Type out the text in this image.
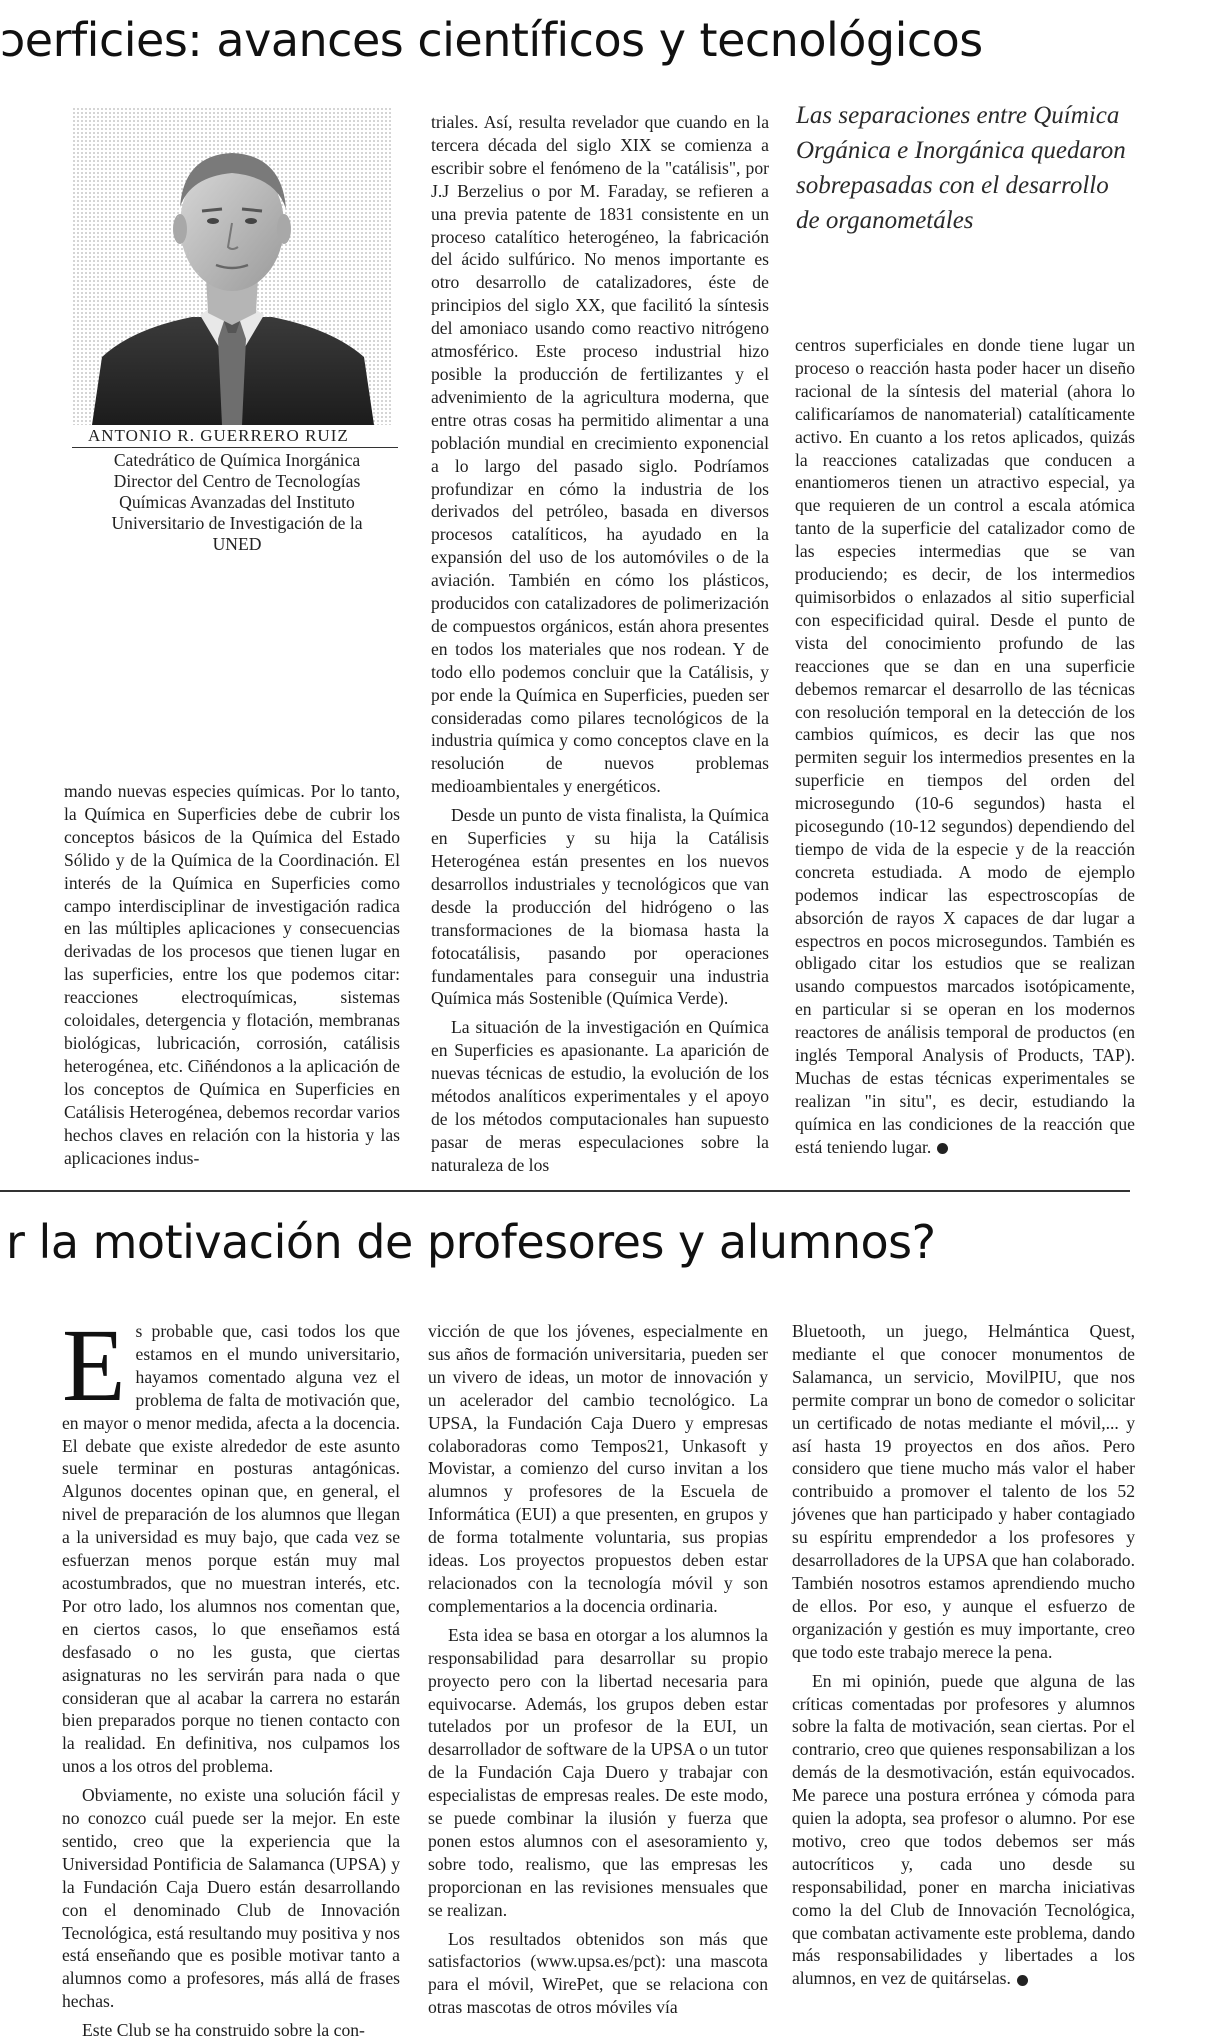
ɔerficies: avances científicos y tecnológicos
ANTONIO R. GUERRERO RUIZ
Catedrático de Química Inorgánica
Director del Centro de Tecnologías
Químicas Avanzadas del Instituto
Universitario de Investigación de la
UNED

mando nuevas especies químicas. Por lo tanto, la Química en Superficies debe de cubrir los conceptos básicos de la Química del Estado Sólido y de la Química de la Coordinación. El interés de la Química en Superficies como campo interdisciplinar de investigación radica en las múltiples aplicaciones y consecuencias derivadas de los procesos que tienen lugar en las superficies, entre los que podemos citar: reacciones electroquímicas, sistemas coloidales, detergencia y flotación, membranas biológicas, lubricación, corrosión, catálisis heterogénea, etc. Ciñéndonos a la aplicación de los conceptos de Química en Superficies en Catálisis Heterogénea, debemos recordar varios hechos claves en relación con la historia y las aplicaciones indus-

triales. Así, resulta revelador que cuando en la tercera década del siglo XIX se comienza a escribir sobre el fenómeno de la "catálisis", por J.J Berzelius o por M. Faraday, se refieren a una previa patente de 1831 consistente en un proceso catalítico heterogéneo, la fabricación del ácido sulfúrico. No menos importante es otro desarrollo de catalizadores, éste de principios del siglo XX, que facilitó la síntesis del amoniaco usando como reactivo nitrógeno atmosférico. Este proceso industrial hizo posible la producción de fertilizantes y el advenimiento de la agricultura moderna, que entre otras cosas ha permitido alimentar a una población mundial en crecimiento exponencial a lo largo del pasado siglo. Podríamos profundizar en cómo la industria de los derivados del petróleo, basada en diversos procesos catalíticos, ha ayudado en la expansión del uso de los automóviles o de la aviación. También en cómo los plásticos, producidos con catalizadores de polimerización de compuestos orgánicos, están ahora presentes en todos los materiales que nos rodean. Y de todo ello podemos concluir que la Catálisis, y por ende la Química en Superficies, pueden ser consideradas como pilares tecnológicos de la industria química y como conceptos clave en la resolución de nuevos problemas medioambientales y energéticos.

Desde un punto de vista finalista, la Química en Superficies y su hija la Catálisis Heterogénea están presentes en los nuevos desarrollos industriales y tecnológicos que van desde la producción del hidrógeno o las transformaciones de la biomasa hasta la fotocatálisis, pasando por operaciones fundamentales para conseguir una industria Química más Sostenible (Química Verde).

La situación de la investigación en Química en Superficies es apasionante. La aparición de nuevas técnicas de estudio, la evolución de los métodos analíticos experimentales y el apoyo de los métodos computacionales han supuesto pasar de meras especulaciones sobre la naturaleza de los

Las separaciones entre Química Orgánica e Inorgánica quedaron sobrepasadas con el desarrollo de organometáles

centros superficiales en donde tiene lugar un proceso o reacción hasta poder hacer un diseño racional de la síntesis del material (ahora lo calificaríamos de nanomaterial) catalíticamente activo. En cuanto a los retos aplicados, quizás la reacciones catalizadas que conducen a enantiomeros tienen un atractivo especial, ya que requieren de un control a escala atómica tanto de la superficie del catalizador como de las especies intermedias que se van produciendo; es decir, de los intermedios quimisorbidos o enlazados al sitio superficial con especificidad quiral. Desde el punto de vista del conocimiento profundo de las reacciones que se dan en una superficie debemos remarcar el desarrollo de las técnicas con resolución temporal en la detección de los cambios químicos, es decir las que nos permiten seguir los intermedios presentes en la superficie en tiempos del orden del microsegundo (10-6 segundos) hasta el picosegundo (10-12 segundos) dependiendo del tiempo de vida de la especie y de la reacción concreta estudiada. A modo de ejemplo podemos indicar las espectroscopías de absorción de rayos X capaces de dar lugar a espectros en pocos microsegundos. También es obligado citar los estudios que se realizan usando compuestos marcados isotópicamente, en particular si se operan en los modernos reactores de análisis temporal de productos (en inglés Temporal Analysis of Products, TAP). Muchas de estas técnicas experimentales se realizan "in situ", es decir, estudiando la química en las condiciones de la reacción que está teniendo lugar.

r la motivación de profesores y alumnos?

Es probable que, casi todos los que estamos en el mundo universitario, hayamos comentado alguna vez el problema de falta de motivación que, en mayor o menor medida, afecta a la docencia. El debate que existe alrededor de este asunto suele terminar en posturas antagónicas. Algunos docentes opinan que, en general, el nivel de preparación de los alumnos que llegan a la universidad es muy bajo, que cada vez se esfuerzan menos porque están muy mal acostumbrados, que no muestran interés, etc. Por otro lado, los alumnos nos comentan que, en ciertos casos, lo que enseñamos está desfasado o no les gusta, que ciertas asignaturas no les servirán para nada o que consideran que al acabar la carrera no estarán bien preparados porque no tienen contacto con la realidad. En definitiva, nos culpamos los unos a los otros del problema.

Obviamente, no existe una solución fácil y no conozco cuál puede ser la mejor. En este sentido, creo que la experiencia que la Universidad Pontificia de Salamanca (UPSA) y la Fundación Caja Duero están desarrollando con el denominado Club de Innovación Tecnológica, está resultando muy positiva y nos está enseñando que es posible motivar tanto a alumnos como a profesores, más allá de frases hechas.

Este Club se ha construido sobre la con-

vicción de que los jóvenes, especialmente en sus años de formación universitaria, pueden ser un vivero de ideas, un motor de innovación y un acelerador del cambio tecnológico. La UPSA, la Fundación Caja Duero y empresas colaboradoras como Tempos21, Unkasoft y Movistar, a comienzo del curso invitan a los alumnos y profesores de la Escuela de Informática (EUI) a que presenten, en grupos y de forma totalmente voluntaria, sus propias ideas. Los proyectos propuestos deben estar relacionados con la tecnología móvil y son complementarios a la docencia ordinaria.

Esta idea se basa en otorgar a los alumnos la responsabilidad para desarrollar su propio proyecto pero con la libertad necesaria para equivocarse. Además, los grupos deben estar tutelados por un profesor de la EUI, un desarrollador de software de la UPSA o un tutor de la Fundación Caja Duero y trabajar con especialistas de empresas reales. De este modo, se puede combinar la ilusión y fuerza que ponen estos alumnos con el asesoramiento y, sobre todo, realismo, que las empresas les proporcionan en las revisiones mensuales que se realizan.

Los resultados obtenidos son más que satisfactorios (www.upsa.es/pct): una mascota para el móvil, WirePet, que se relaciona con otras mascotas de otros móviles vía

Bluetooth, un juego, Helmántica Quest, mediante el que conocer monumentos de Salamanca, un servicio, MovilPIU, que nos permite comprar un bono de comedor o solicitar un certificado de notas mediante el móvil,... y así hasta 19 proyectos en dos años. Pero considero que tiene mucho más valor el haber contribuido a promover el talento de los 52 jóvenes que han participado y haber contagiado su espíritu emprendedor a los profesores y desarrolladores de la UPSA que han colaborado. También nosotros estamos aprendiendo mucho de ellos. Por eso, y aunque el esfuerzo de organización y gestión es muy importante, creo que todo este trabajo merece la pena.

En mi opinión, puede que alguna de las críticas comentadas por profesores y alumnos sobre la falta de motivación, sean ciertas. Por el contrario, creo que quienes responsabilizan a los demás de la desmotivación, están equivocados. Me parece una postura errónea y cómoda para quien la adopta, sea profesor o alumno. Por ese motivo, creo que todos debemos ser más autocríticos y, cada uno desde su responsabilidad, poner en marcha iniciativas como la del Club de Innovación Tecnológica, que combatan activamente este problema, dando más responsabilidades y libertades a los alumnos, en vez de quitárselas.
